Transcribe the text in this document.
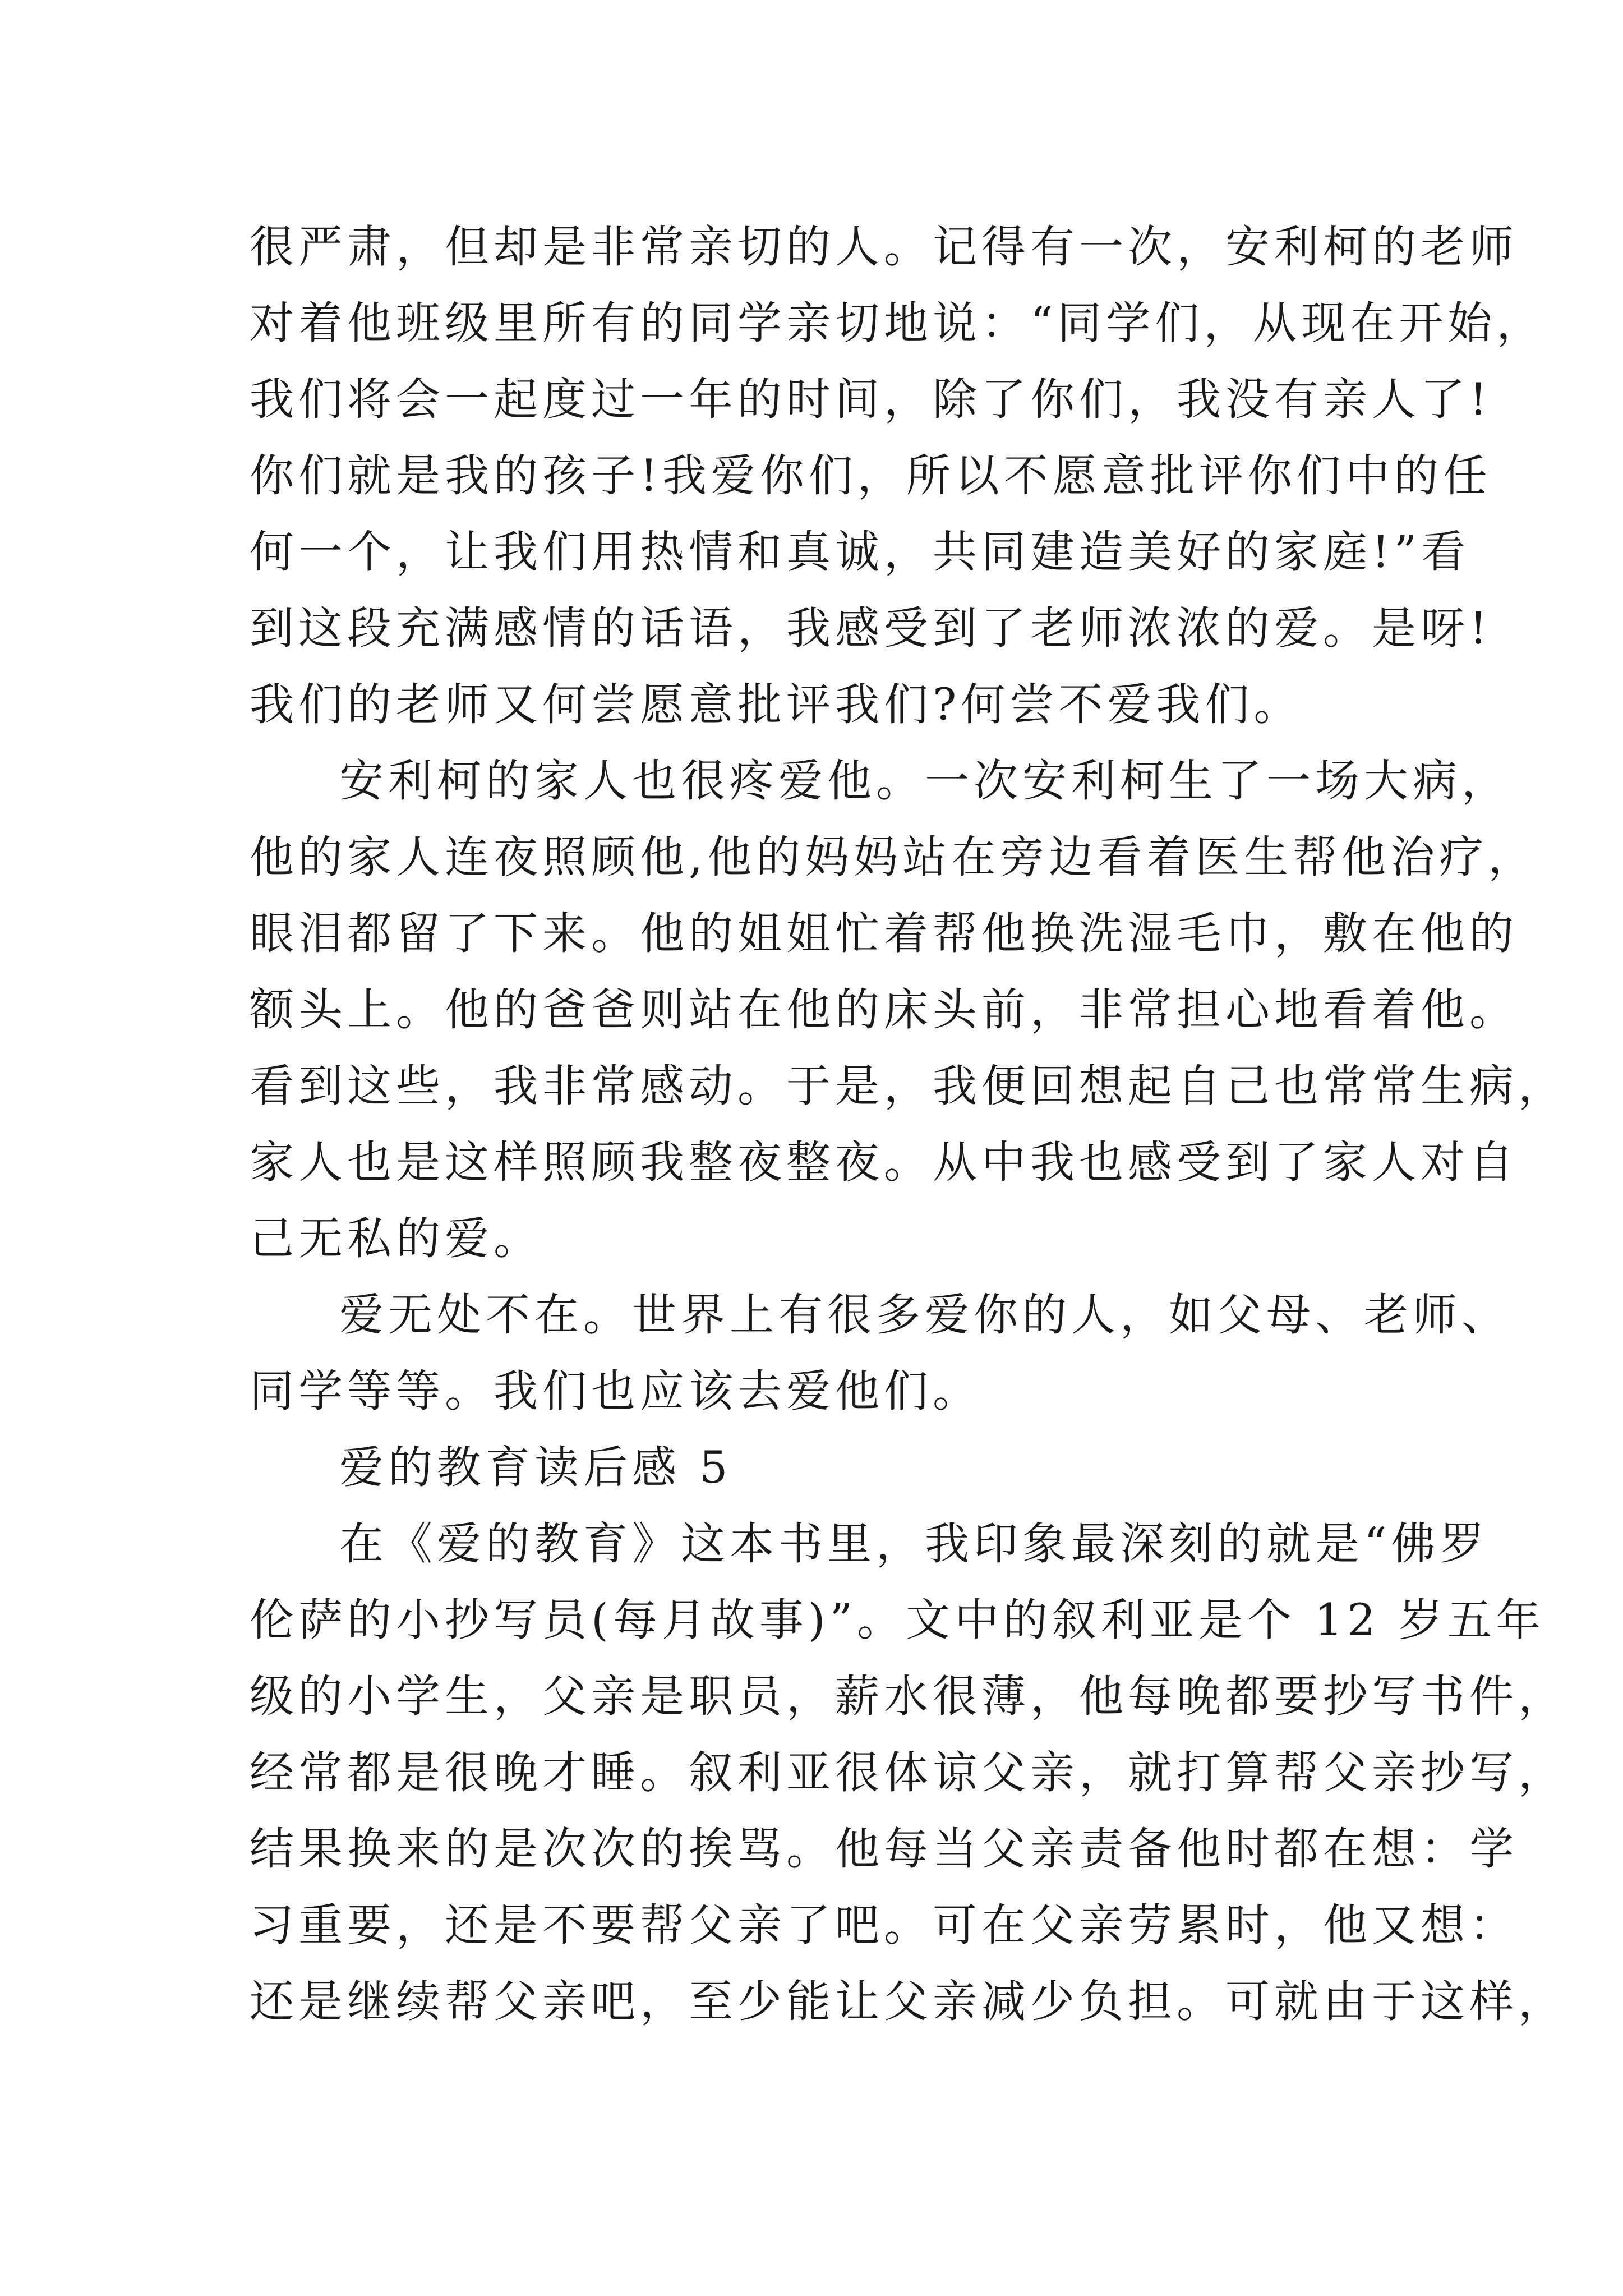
很严肃，但却是非常亲切的人。记得有一次，安利柯的老师
对着他班级里所有的同学亲切地说：“同学们，从现在开始，
我们将会一起度过一年的时间，除了你们，我没有亲人了!
你们就是我的孩子!我爱你们，所以不愿意批评你们中的任
何一个，让我们用热情和真诚，共同建造美好的家庭!”看
到这段充满感情的话语，我感受到了老师浓浓的爱。是呀!
我们的老师又何尝愿意批评我们?何尝不爱我们。
安利柯的家人也很疼爱他。一次安利柯生了一场大病，
他的家人连夜照顾他,他的妈妈站在旁边看着医生帮他治疗，
眼泪都留了下来。他的姐姐忙着帮他换洗湿毛巾，敷在他的
额头上。他的爸爸则站在他的床头前，非常担心地看着他。
看到这些，我非常感动。于是，我便回想起自己也常常生病，
家人也是这样照顾我整夜整夜。从中我也感受到了家人对自
己无私的爱。
爱无处不在。世界上有很多爱你的人，如父母、老师、
同学等等。我们也应该去爱他们。
爱的教育读后感 5
在《爱的教育》这本书里，我印象最深刻的就是“佛罗
伦萨的小抄写员(每月故事)”。文中的叙利亚是个 12 岁五年
级的小学生，父亲是职员，薪水很薄，他每晚都要抄写书件，
经常都是很晚才睡。叙利亚很体谅父亲，就打算帮父亲抄写，
结果换来的是次次的挨骂。他每当父亲责备他时都在想：学
习重要，还是不要帮父亲了吧。可在父亲劳累时，他又想：
还是继续帮父亲吧，至少能让父亲减少负担。可就由于这样，
